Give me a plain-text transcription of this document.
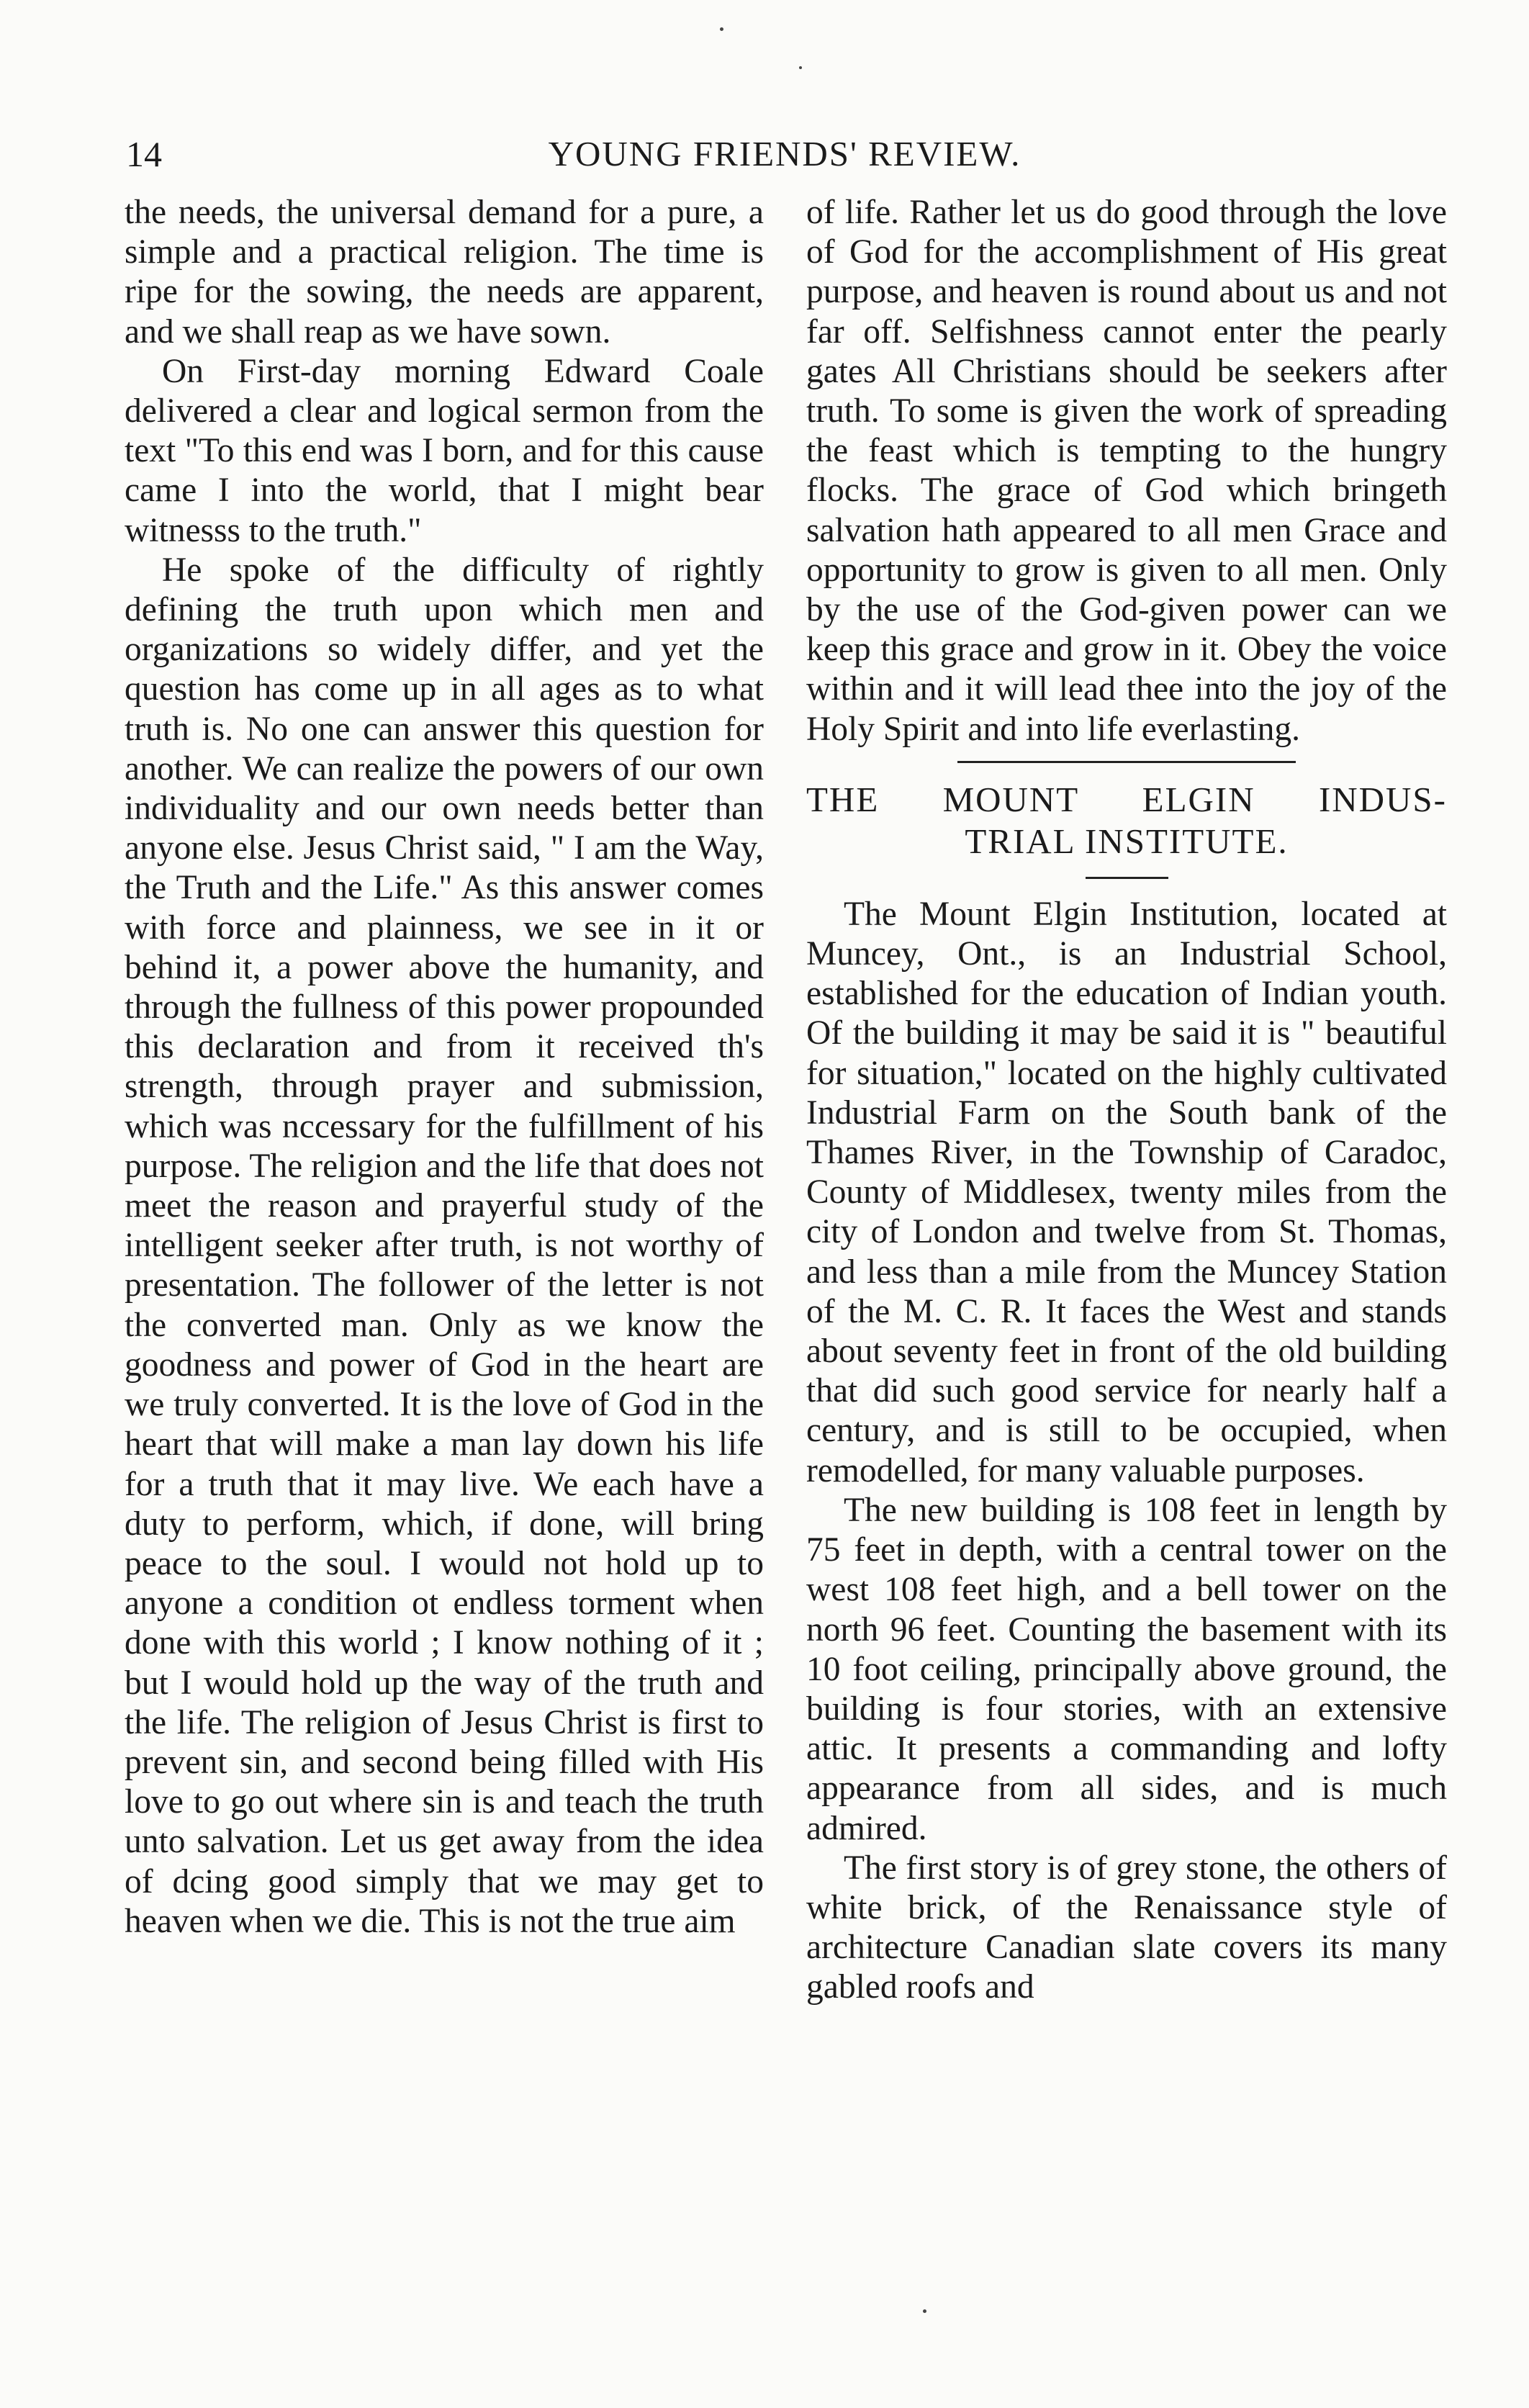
14	YOUNG FRIENDS' REVIEW.

the needs, the universal demand for a pure, a simple and a practical religion. The time is ripe for the sowing, the needs are apparent, and we shall reap as we have sown.

On First-day morning Edward Coale delivered a clear and logical sermon from the text "To this end was I born, and for this cause came I into the world, that I might bear witnesss to the truth."

He spoke of the difficulty of rightly defining the truth upon which men and organizations so widely differ, and yet the question has come up in all ages as to what truth is. No one can answer this question for another. We can realize the powers of our own individuality and our own needs better than anyone else. Jesus Christ said, " I am the Way, the Truth and the Life." As this answer comes with force and plainness, we see in it or behind it, a power above the humanity, and through the fullness of this power propounded this declaration and from it received th's strength, through prayer and submission, which was nccessary for the fulfillment of his purpose. The religion and the life that does not meet the reason and prayerful study of the intelligent seeker after truth, is not worthy of presentation. The follower of the letter is not the converted man. Only as we know the goodness and power of God in the heart are we truly converted. It is the love of God in the heart that will make a man lay down his life for a truth that it may live. We each have a duty to perform, which, if done, will bring peace to the soul. I would not hold up to anyone a condition ot endless torment when done with this world ; I know nothing of it ; but I would hold up the way of the truth and the life. The religion of Jesus Christ is first to prevent sin, and second being filled with His love to go out where sin is and teach the truth unto salvation. Let us get away from the idea of dcing good simply that we may get to heaven when we die. This is not the true aim

of life. Rather let us do good through the love of God for the accomplishment of His great purpose, and heaven is round about us and not far off. Selfishness cannot enter the pearly gates All Christians should be seekers after truth. To some is given the work of spreading the feast which is tempting to the hungry flocks. The grace of God which bringeth salvation hath appeared to all men Grace and opportunity to grow is given to all men. Only by the use of the God-given power can we keep this grace and grow in it. Obey the voice within and it will lead thee into the joy of the Holy Spirit and into life everlasting.

THE MOUNT ELGIN INDUS-
TRIAL INSTITUTE.

The Mount Elgin Institution, located at Muncey, Ont., is an Industrial School, established for the education of Indian youth. Of the building it may be said it is " beautiful for situation," located on the highly cultivated Industrial Farm on the South bank of the Thames River, in the Township of Caradoc, County of Middlesex, twenty miles from the city of London and twelve from St. Thomas, and less than a mile from the Muncey Station of the M. C. R. It faces the West and stands about seventy feet in front of the old building that did such good service for nearly half a century, and is still to be occupied, when remodelled, for many valuable purposes.

The new building is 108 feet in length by 75 feet in depth, with a central tower on the west 108 feet high, and a bell tower on the north 96 feet. Counting the basement with its 10 foot ceiling, principally above ground, the building is four stories, with an extensive attic. It presents a commanding and lofty appearance from all sides, and is much admired.

The first story is of grey stone, the others of white brick, of the Renaissance style of architecture Canadian slate covers its many gabled roofs and
